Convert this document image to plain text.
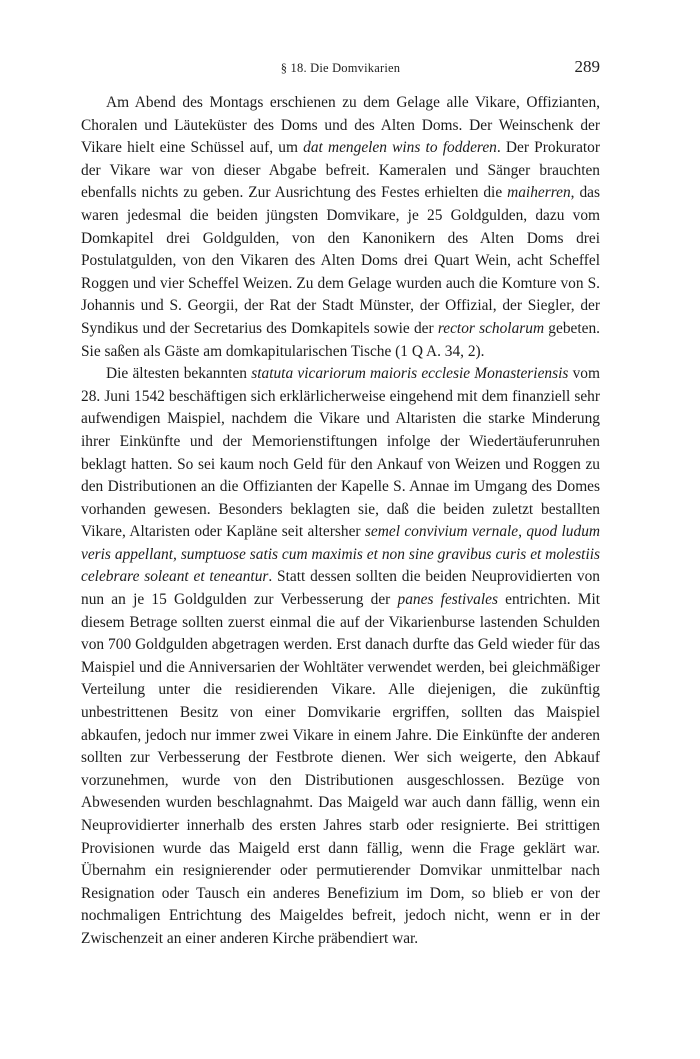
§ 18. Die Domvikarien	289

Am Abend des Montags erschienen zu dem Gelage alle Vikare, Offizianten, Choralen und Läuteküster des Doms und des Alten Doms. Der Weinschenk der Vikare hielt eine Schüssel auf, um dat mengelen wins to fodderen. Der Prokurator der Vikare war von dieser Abgabe befreit. Kameralen und Sänger brauchten ebenfalls nichts zu geben. Zur Ausrichtung des Festes erhielten die maiherren, das waren jedesmal die beiden jüngsten Domvikare, je 25 Goldgulden, dazu vom Domkapitel drei Goldgulden, von den Kanonikern des Alten Doms drei Postulatgulden, von den Vikaren des Alten Doms drei Quart Wein, acht Scheffel Roggen und vier Scheffel Weizen. Zu dem Gelage wurden auch die Komture von S. Johannis und S. Georgii, der Rat der Stadt Münster, der Offizial, der Siegler, der Syndikus und der Secretarius des Domkapitels sowie der rector scholarum gebeten. Sie saßen als Gäste am domkapitularischen Tische (1 Q A. 34, 2).

Die ältesten bekannten statuta vicariorum maioris ecclesie Monasteriensis vom 28. Juni 1542 beschäftigen sich erklärlicherweise eingehend mit dem finanziell sehr aufwendigen Maispiel, nachdem die Vikare und Altaristen die starke Minderung ihrer Einkünfte und der Memorienstiftungen infolge der Wiedertäuferunruhen beklagt hatten. So sei kaum noch Geld für den Ankauf von Weizen und Roggen zu den Distributionen an die Offizianten der Kapelle S. Annae im Umgang des Domes vorhanden gewesen. Besonders beklagten sie, daß die beiden zuletzt bestallten Vikare, Altaristen oder Kapläne seit altersher semel convivium vernale, quod ludum veris appellant, sumptuose satis cum maximis et non sine gravibus curis et molestiis celebrare soleant et teneantur. Statt dessen sollten die beiden Neuprovidierten von nun an je 15 Goldgulden zur Verbesserung der panes festivales entrichten. Mit diesem Betrage sollten zuerst einmal die auf der Vikarienburse lastenden Schulden von 700 Goldgulden abgetragen werden. Erst danach durfte das Geld wieder für das Maispiel und die Anniversarien der Wohltäter verwendet werden, bei gleichmäßiger Verteilung unter die residierenden Vikare. Alle diejenigen, die zukünftig unbestrittenen Besitz von einer Domvikarie ergriffen, sollten das Maispiel abkaufen, jedoch nur immer zwei Vikare in einem Jahre. Die Einkünfte der anderen sollten zur Verbesserung der Festbrote dienen. Wer sich weigerte, den Abkauf vorzunehmen, wurde von den Distributionen ausgeschlossen. Bezüge von Abwesenden wurden beschlagnahmt. Das Maigeld war auch dann fällig, wenn ein Neuprovidierter innerhalb des ersten Jahres starb oder resignierte. Bei strittigen Provisionen wurde das Maigeld erst dann fällig, wenn die Frage geklärt war. Übernahm ein resignierender oder permutierender Domvikar unmittelbar nach Resignation oder Tausch ein anderes Benefizium im Dom, so blieb er von der nochmaligen Entrichtung des Maigeldes befreit, jedoch nicht, wenn er in der Zwischenzeit an einer anderen Kirche präbendiert war.
